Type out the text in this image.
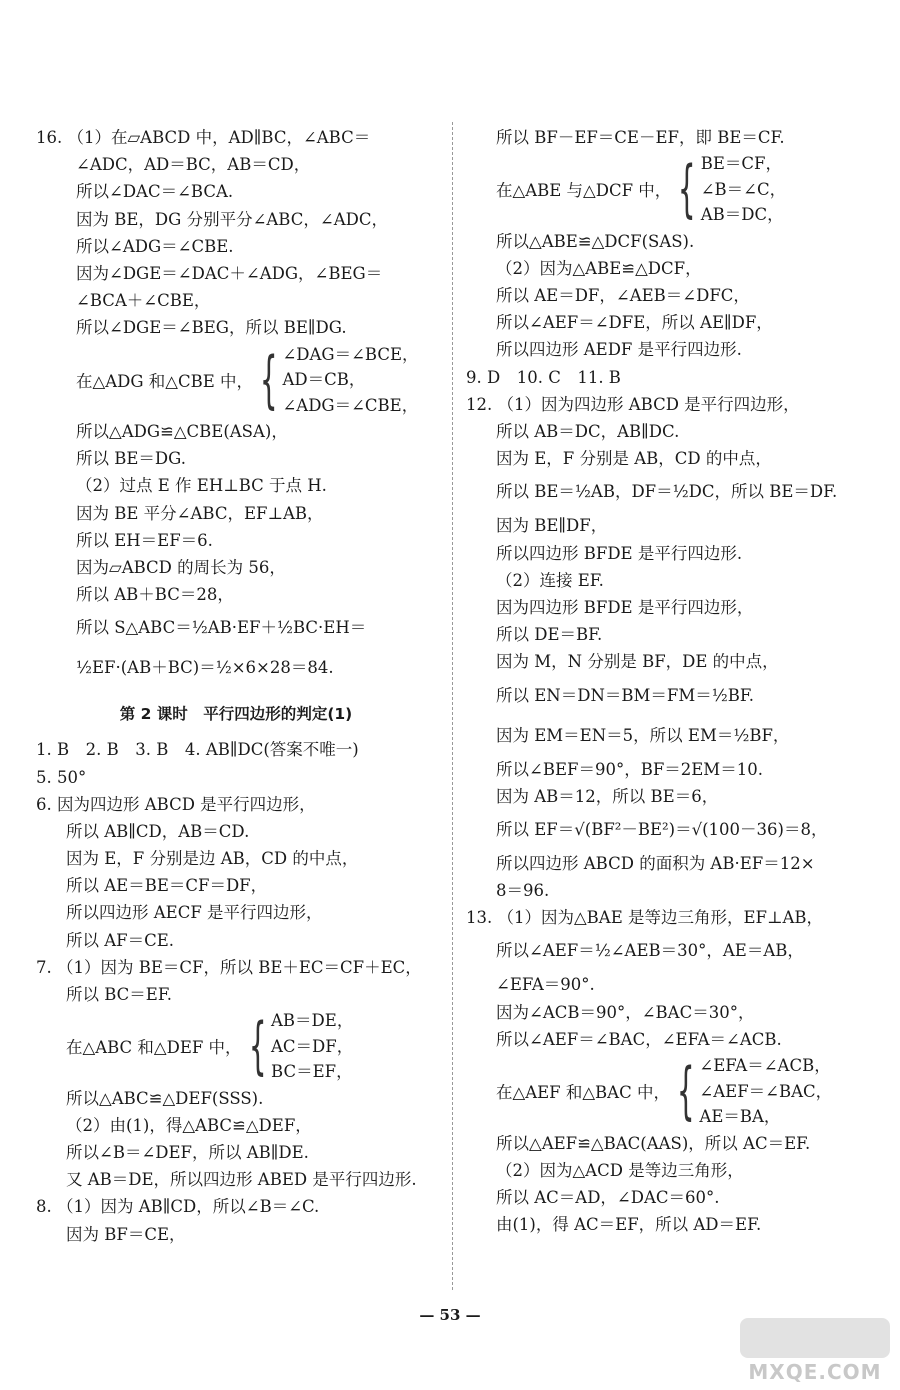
16. （1）在▱ABCD 中，AD∥BC，∠ABC＝
∠ADC，AD＝BC，AB＝CD，
所以∠DAC＝∠BCA.
因为 BE，DG 分别平分∠ABC，∠ADC，
所以∠ADG＝∠CBE.
因为∠DGE＝∠DAC＋∠ADG，∠BEG＝
∠BCA＋∠CBE，
所以∠DGE＝∠BEG，所以 BE∥DG.
在△ADG 和△CBE 中， { ∠DAG＝∠BCE，
AD＝CB，
∠ADG＝∠CBE，
所以△ADG≌△CBE(ASA)，
所以 BE＝DG.
（2）过点 E 作 EH⊥BC 于点 H.
因为 BE 平分∠ABC，EF⊥AB，
所以 EH＝EF＝6.
因为▱ABCD 的周长为 56，
所以 AB＋BC＝28，
所以 S△ABC＝½AB·EF＋½BC·EH＝
½EF·(AB＋BC)＝½×6×28＝84.
第 2 课时　平行四边形的判定(1)
1. B　2. B　3. B　4. AB∥DC(答案不唯一)
5. 50°
6. 因为四边形 ABCD 是平行四边形，
所以 AB∥CD，AB＝CD.
因为 E，F 分别是边 AB，CD 的中点，
所以 AE＝BE＝CF＝DF，
所以四边形 AECF 是平行四边形，
所以 AF＝CE.
7. （1）因为 BE＝CF，所以 BE＋EC＝CF＋EC，
所以 BC＝EF.
在△ABC 和△DEF 中， { AB＝DE，
AC＝DF，
BC＝EF，
所以△ABC≌△DEF(SSS).
（2）由(1)，得△ABC≌△DEF，
所以∠B＝∠DEF，所以 AB∥DE.
又 AB＝DE，所以四边形 ABED 是平行四边形.
8. （1）因为 AB∥CD，所以∠B＝∠C.
因为 BF＝CE，
所以 BF－EF＝CE－EF，即 BE＝CF.
在△ABE 与△DCF 中， { BE＝CF，
∠B＝∠C，
AB＝DC，
所以△ABE≌△DCF(SAS).
（2）因为△ABE≌△DCF，
所以 AE＝DF，∠AEB＝∠DFC，
所以∠AEF＝∠DFE，所以 AE∥DF，
所以四边形 AEDF 是平行四边形.
9. D　10. C　11. B
12. （1）因为四边形 ABCD 是平行四边形，
所以 AB＝DC，AB∥DC.
因为 E，F 分别是 AB，CD 的中点，
所以 BE＝½AB，DF＝½DC，所以 BE＝DF.
因为 BE∥DF，
所以四边形 BFDE 是平行四边形.
（2）连接 EF.
因为四边形 BFDE 是平行四边形，
所以 DE＝BF.
因为 M，N 分别是 BF，DE 的中点，
所以 EN＝DN＝BM＝FM＝½BF.
因为 EM＝EN＝5，所以 EM＝½BF，
所以∠BEF＝90°，BF＝2EM＝10.
因为 AB＝12，所以 BE＝6，
所以 EF＝√(BF²－BE²)＝√(100－36)＝8，
所以四边形 ABCD 的面积为 AB·EF＝12×
8＝96.
13. （1）因为△BAE 是等边三角形，EF⊥AB，
所以∠AEF＝½∠AEB＝30°，AE＝AB，
∠EFA＝90°.
因为∠ACB＝90°，∠BAC＝30°，
所以∠AEF＝∠BAC，∠EFA＝∠ACB.
在△AEF 和△BAC 中， { ∠EFA＝∠ACB，
∠AEF＝∠BAC，
AE＝BA，
所以△AEF≌△BAC(AAS)，所以 AC＝EF.
（2）因为△ACD 是等边三角形，
所以 AC＝AD，∠DAC＝60°.
由(1)，得 AC＝EF，所以 AD＝EF.
— 53 —
MXQE.COM
